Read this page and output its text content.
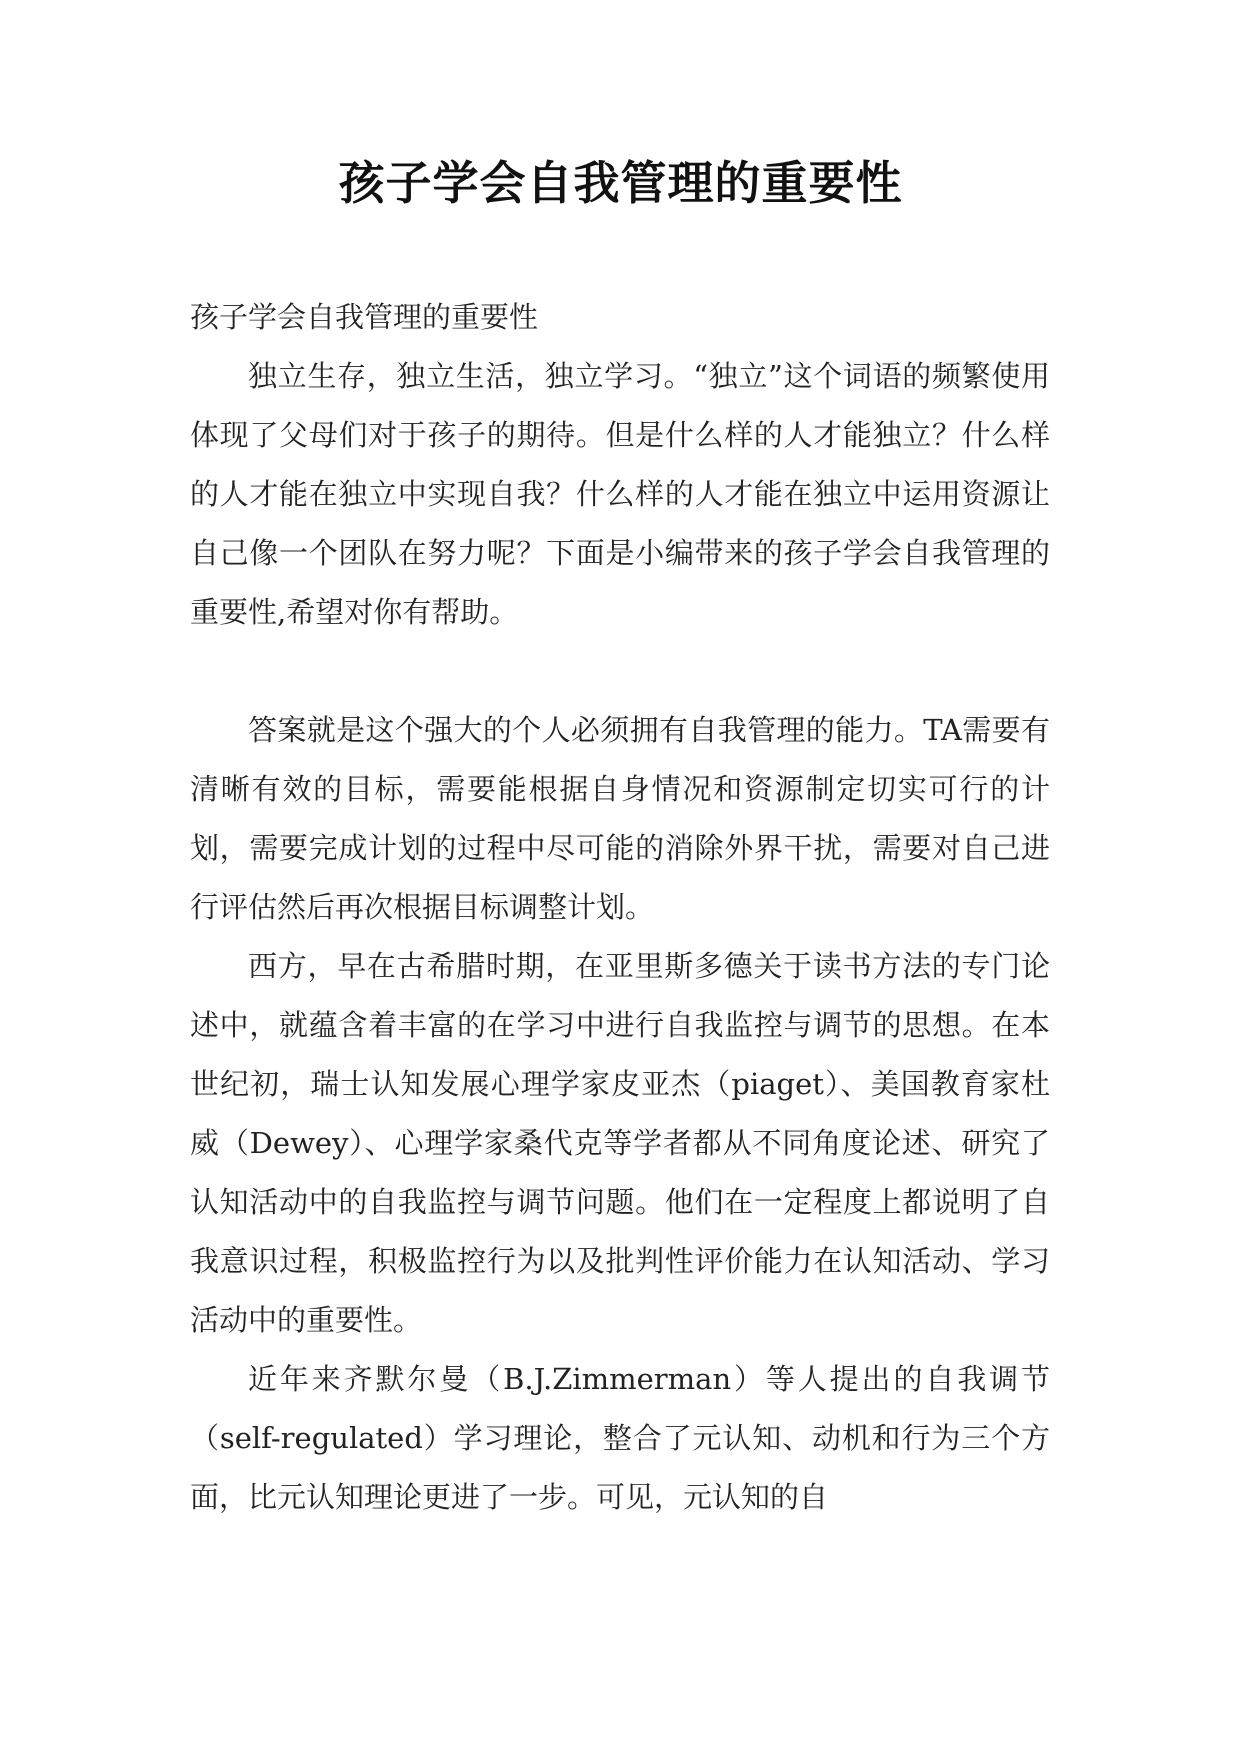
孩子学会自我管理的重要性

孩子学会自我管理的重要性

独立生存，独立生活，独立学习。“独立”这个词语的频繁使用体现了父母们对于孩子的期待。但是什么样的人才能独立？什么样的人才能在独立中实现自我？什么样的人才能在独立中运用资源让自己像一个团队在努力呢？下面是小编带来的孩子学会自我管理的重要性,希望对你有帮助。

答案就是这个强大的个人必须拥有自我管理的能力。TA需要有清晰有效的目标，需要能根据自身情况和资源制定切实可行的计划，需要完成计划的过程中尽可能的消除外界干扰，需要对自己进行评估然后再次根据目标调整计划。

西方，早在古希腊时期，在亚里斯多德关于读书方法的专门论述中，就蕴含着丰富的在学习中进行自我监控与调节的思想。在本世纪初，瑞士认知发展心理学家皮亚杰（piaget）、美国教育家杜威（Dewey）、心理学家桑代克等学者都从不同角度论述、研究了认知活动中的自我监控与调节问题。他们在一定程度上都说明了自我意识过程，积极监控行为以及批判性评价能力在认知活动、学习活动中的重要性。

近年来齐默尔曼（B.J.Zimmerman）等人提出的自我调节（self-regulated）学习理论，整合了元认知、动机和行为三个方面，比元认知理论更进了一步。可见，元认知的自
